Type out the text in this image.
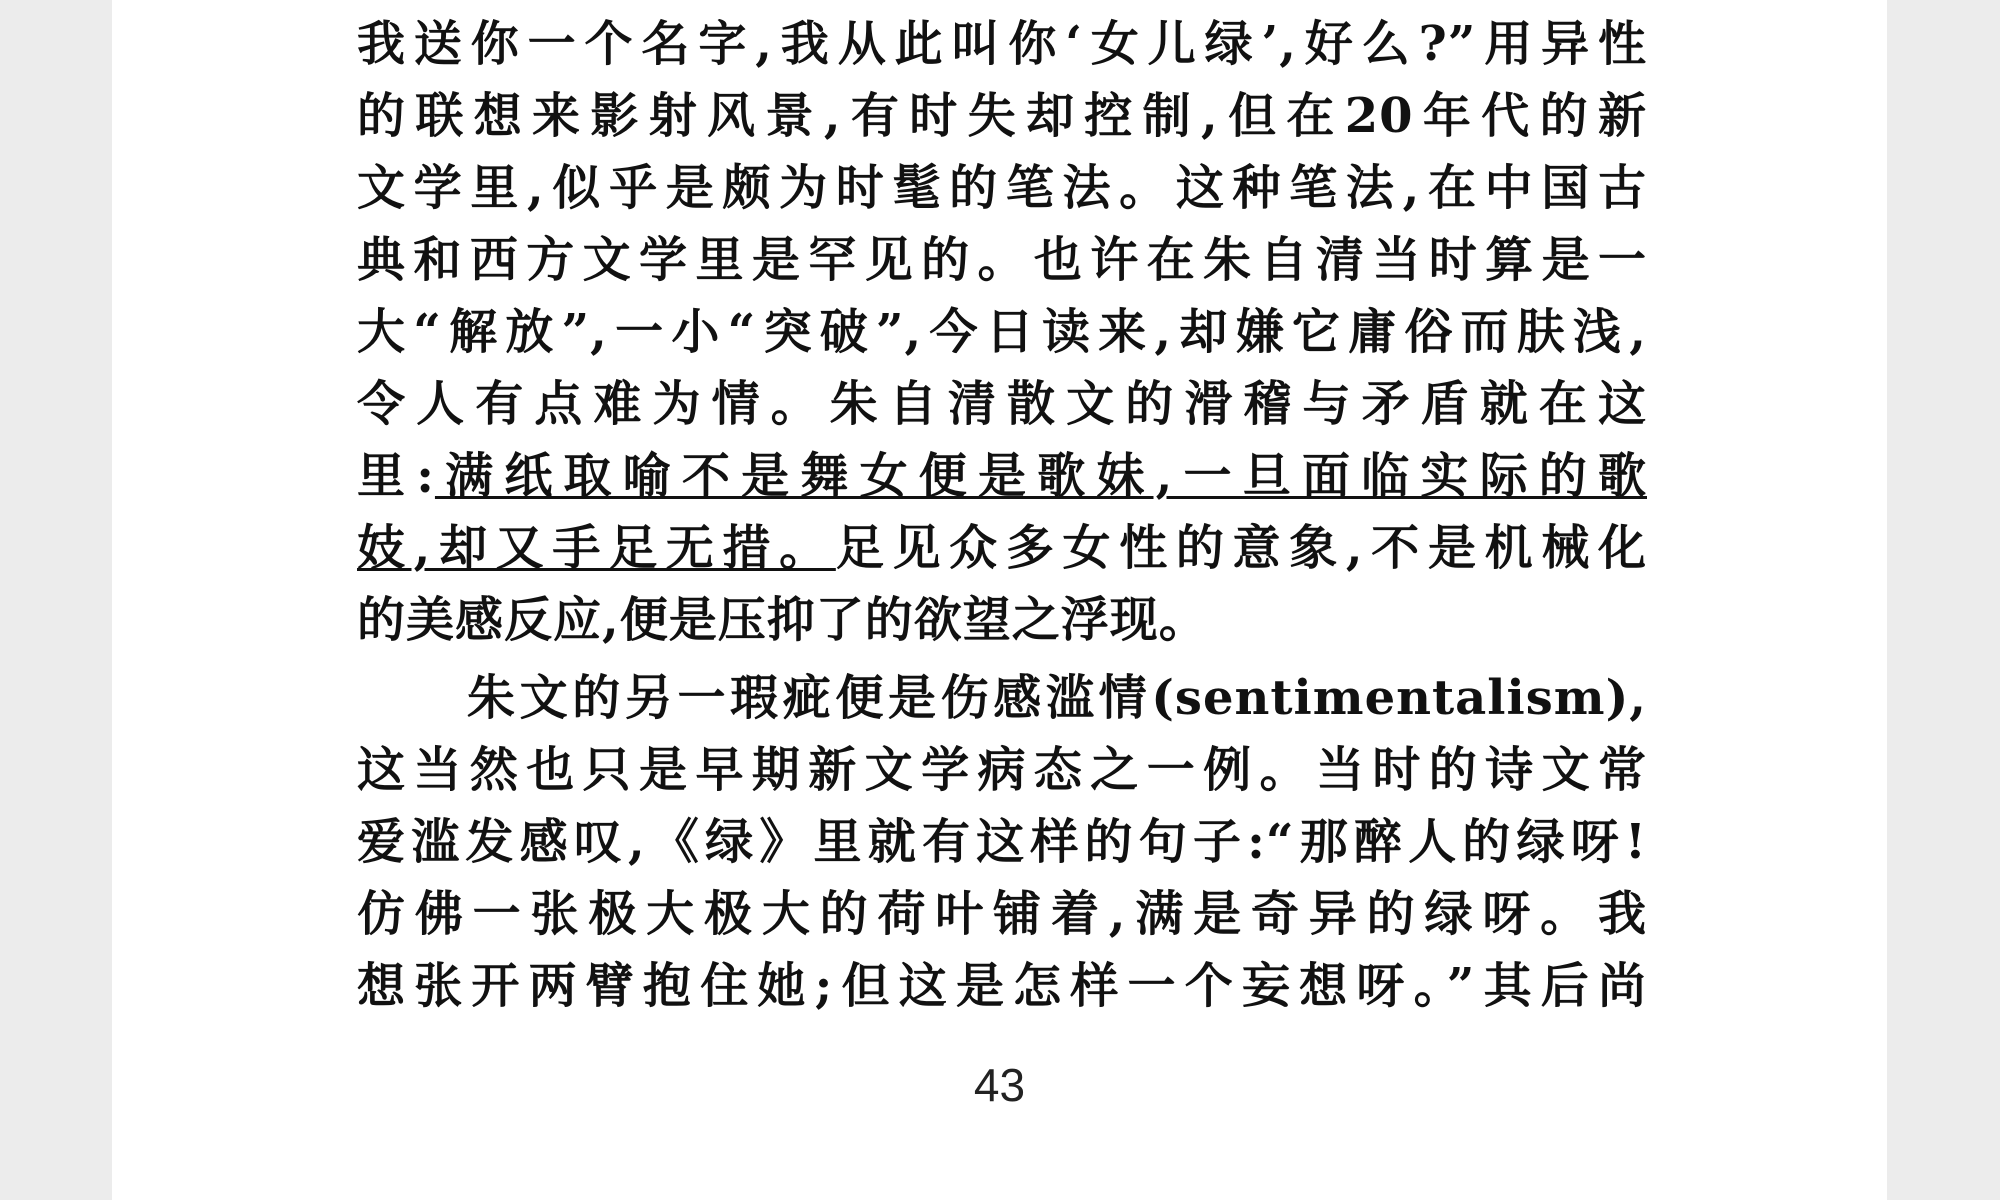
我送你一个名字,我从此叫你‘女儿绿’,好么?”用异性
的联想来影射风景,有时失却控制,但在20年代的新
文学里,似乎是颇为时髦的笔法。这种笔法,在中国古
典和西方文学里是罕见的。也许在朱自清当时算是一
大“解放”,一小“突破”,今日读来,却嫌它庸俗而肤浅,
令人有点难为情。朱自清散文的滑稽与矛盾就在这
里:满纸取喻不是舞女便是歌妹,一旦面临实际的歌
妓,却又手足无措。足见众多女性的意象,不是机械化
的美感反应,便是压抑了的欲望之浮现。
朱文的另一瑕疵便是伤感滥情(sentimentalism),
这当然也只是早期新文学病态之一例。当时的诗文常
爱滥发感叹,《绿》里就有这样的句子:“那醉人的绿呀!
仿佛一张极大极大的荷叶铺着,满是奇异的绿呀。我
想张开两臂抱住她;但这是怎样一个妄想呀。”其后尚
43
